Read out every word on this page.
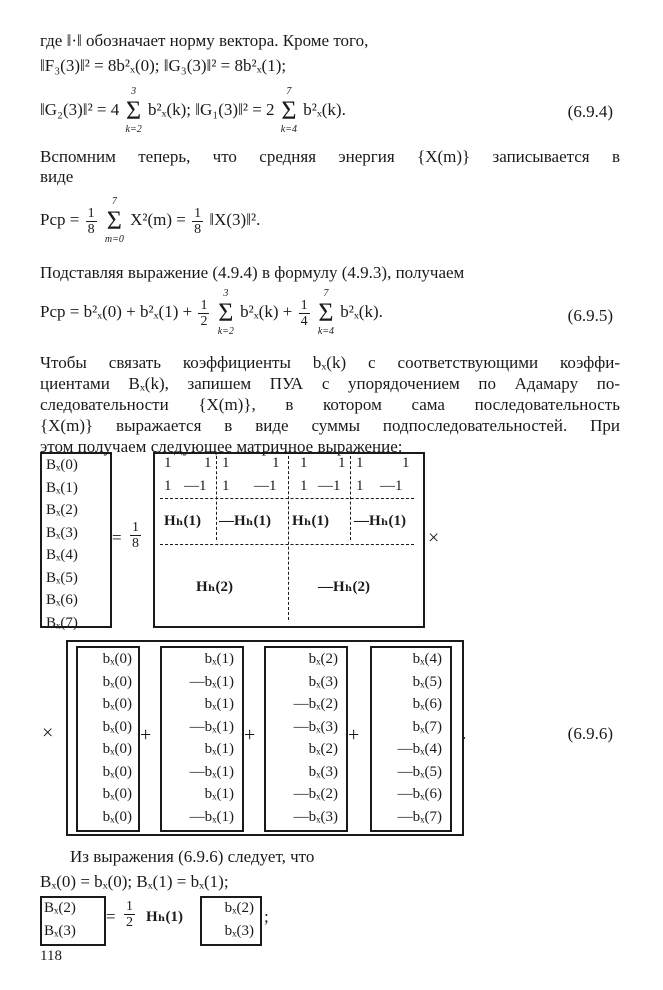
где ‖·‖ обозначает норму вектора. Кроме того,
‖F₃(3)‖² = 8b²ₓ(0); ‖G₃(3)‖² = 8b²ₓ(1);
‖G₂(3)‖² = 4
3
Σ
k=2
b²ₓ(k); ‖G₁(3)‖² = 2
7
Σ
k=4
b²ₓ(k).	(6.9.4)
Вспомним теперь, что средняя энергия {X(m)} записывается в
виде
Pср = $\frac{1}{8}$

7
Σ
m=0
$X^2(m) = \frac{1}{8}$ ‖X(3)‖².
Подставляя выражение (4.9.4) в формулу (4.9.3), получаем
Pср = $b^2_x(0) + b^2_x(1) + \frac{1}{2}$

3
Σ
k=2
$b^2_x(k) + \frac{1}{4}$

7
Σ
k=4
b²ₓ(k).	(6.9.5)
Чтобы связать коэффициенты bₓ(k) с соответствующими коэффи-
циентами Bₓ(k), запишем ПУА с упорядочением по Адамару по-
следовательности {X(m)}, в котором сама последовательность
{X(m)} выражается в виде суммы подпоследовательностей. При
этом получаем следующее матричное выражение:
Bₓ(0)
Bₓ(1)
Bₓ(2)
Bₓ(3)
Bₓ(4)
Bₓ(5)
Bₓ(6)
Bₓ(7)
= $\frac{1}{8}$
1 1 1	1 1 1 1	1
1 —1 1 —1 1 —1 1 —1
Hₕ(1) —Hₕ(1) Hₕ(1) —Hₕ(1)
Hₕ(2)	—Hₕ(2)
×
×
bₓ(0)
bₓ(0)
bₓ(0)
bₓ(0)
bₓ(0)
bₓ(0)
bₓ(0)
bₓ(0)
+
bₓ(1)
—bₓ(1)
bₓ(1)
—bₓ(1)
bₓ(1)
—bₓ(1)
bₓ(1)
—bₓ(1)
+
bₓ(2)
bₓ(3)
—bₓ(2)
—bₓ(3)
bₓ(2)
bₓ(3)
—bₓ(2)
—bₓ(3)
+
bₓ(4)
bₓ(5)
bₓ(6)
bₓ(7)
—bₓ(4)
—bₓ(5)
—bₓ(6)
—bₓ(7)
.	(6.9.6)
Из выражения (6.9.6) следует, что
Bₓ(0) = bₓ(0); Bₓ(1) = bₓ(1);
Bₓ(2)
Bₓ(3)
= $\frac{1}{2} H_h(1)$
bₓ(2)
bₓ(3)
;
118
